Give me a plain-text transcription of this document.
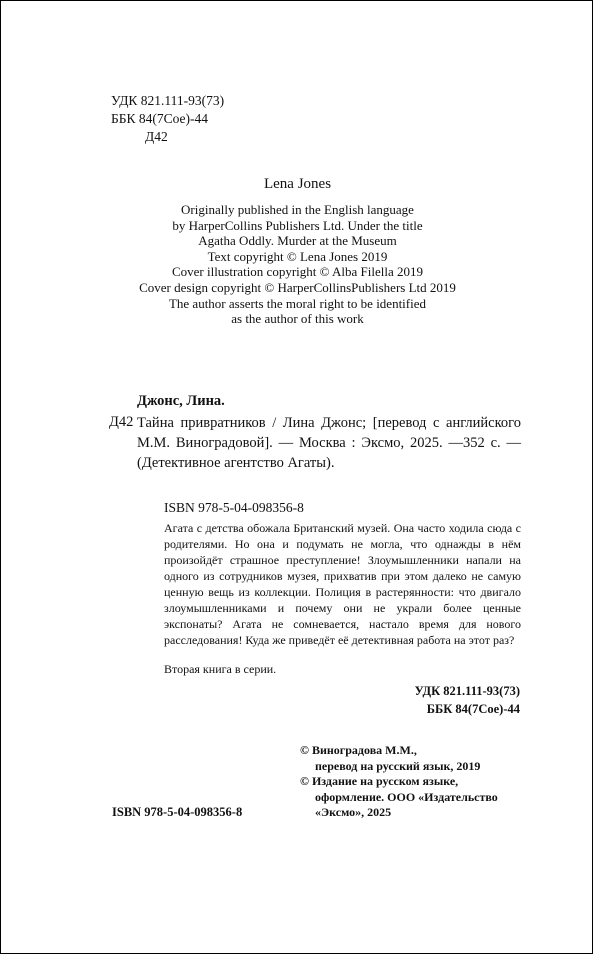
УДК 821.111-93(73)
ББК 84(7Сое)-44
Д42
Lena Jones
Originally published in the English language
by HarperCollins Publishers Ltd. Under the title
Agatha Oddly. Murder at the Museum
Text copyright © Lena Jones 2019
Cover illustration copyright © Alba Filella 2019
Cover design copyright © HarperCollinsPublishers Ltd 2019
The author asserts the moral right to be identified
as the author of this work
Джонс, Лина.
Д42 Тайна привратников / Лина Джонс; [перевод с английского М.М. Виноградовой]. — Москва : Эксмо, 2025. —352 с. — (Детективное агентство Агаты).
ISBN 978-5-04-098356-8
Агата с детства обожала Британский музей. Она часто ходила сюда с родителями. Но она и подумать не могла, что однажды в нём произойдёт страшное преступление! Злоумышленники напали на одного из сотрудников музея, прихватив при этом далеко не самую ценную вещь из коллекции. Полиция в растерянности: что двигало злоумышленниками и почему они не украли более ценные экспонаты? Агата не сомневается, настало время для нового расследования! Куда же приведёт её детективная работа на этот раз?
Вторая книга в серии.
УДК 821.111-93(73)
ББК 84(7Сое)-44
© Виноградова М.М.,
перевод на русский язык, 2019
© Издание на русском языке,
оформление. ООО «Издательство
«Эксмо», 2025
ISBN 978-5-04-098356-8
